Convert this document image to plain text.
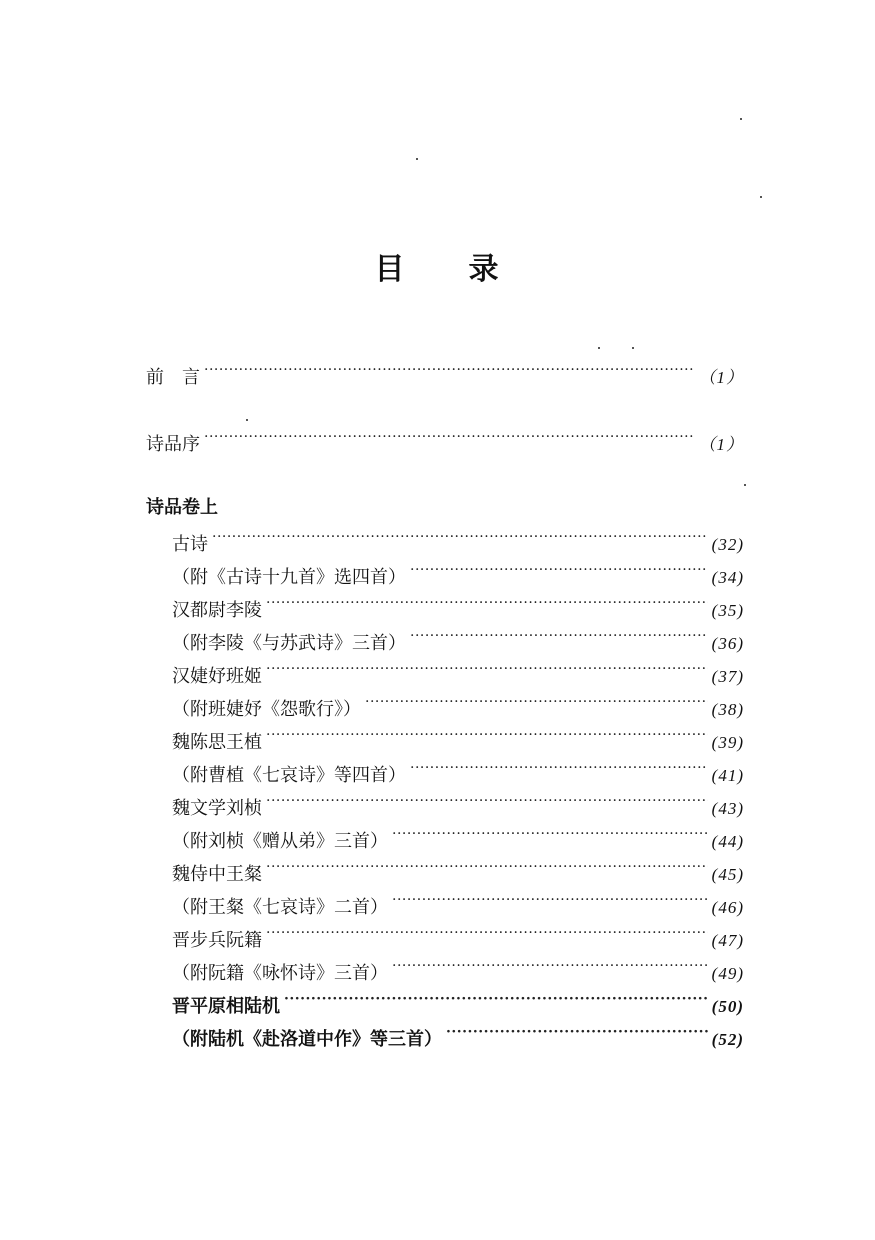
目 录
前　言 ·····	（1）
诗品序 ·····	（1）
诗品卷上
古诗 ·····	(32)
（附《古诗十九首》选四首） ·····	(34)
汉都尉李陵 ·····	(35)
（附李陵《与苏武诗》三首） ·····	(36)
汉婕妤班姬 ·····	(37)
（附班婕妤《怨歌行》） ·····	(38)
魏陈思王植 ·····	(39)
（附曹植《七哀诗》等四首） ·····	(41)
魏文学刘桢 ·····	(43)
（附刘桢《赠从弟》三首） ·····	(44)
魏侍中王粲 ·····	(45)
（附王粲《七哀诗》二首） ·····	(46)
晋步兵阮籍 ·····	(47)
（附阮籍《咏怀诗》三首） ·····	(49)
晋平原相陆机 ·····	(50)
（附陆机《赴洛道中作》等三首） ·····	(52)
